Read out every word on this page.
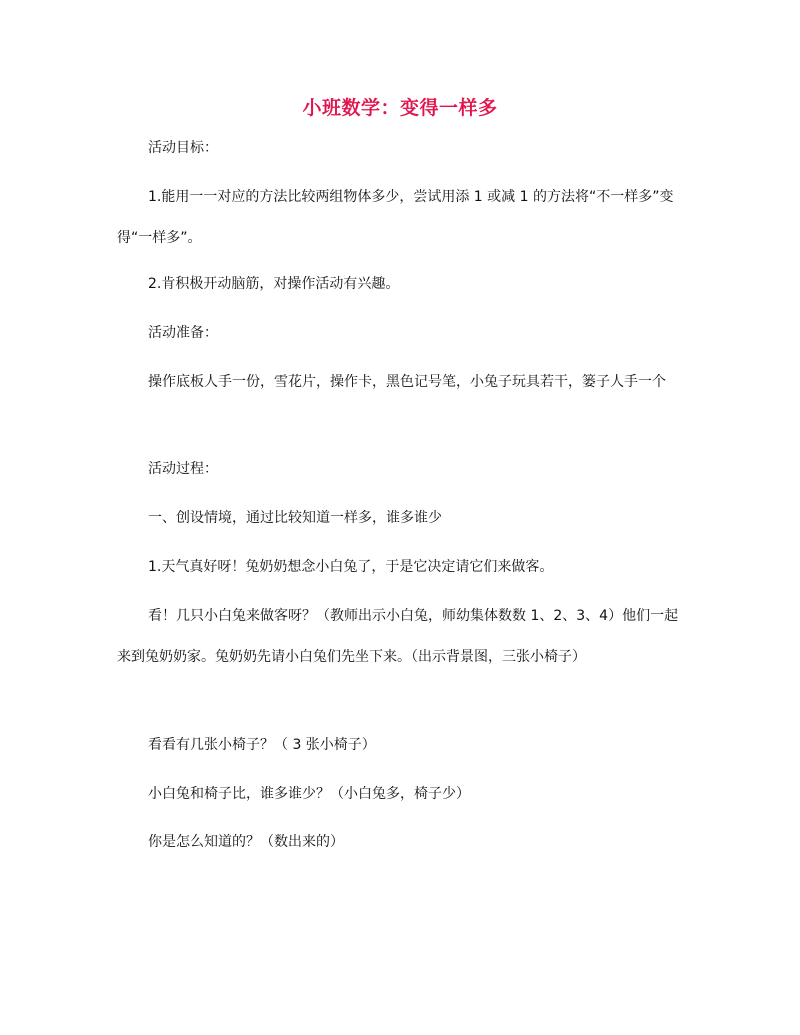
小班数学：变得一样多

活动目标：

1.能用一一对应的方法比较两组物体多少，尝试用添 1 或减 1 的方法将“不一样多”变得“一样多”。

2.肯积极开动脑筋，对操作活动有兴趣。

活动准备：

操作底板人手一份，雪花片，操作卡，黑色记号笔，小兔子玩具若干，篓子人手一个

活动过程：

一、创设情境，通过比较知道一样多，谁多谁少

1.天气真好呀！兔奶奶想念小白兔了，于是它决定请它们来做客。

看！几只小白兔来做客呀？（教师出示小白兔，师幼集体数数 1、2、3、4）他们一起来到兔奶奶家。兔奶奶先请小白兔们先坐下来。（出示背景图，三张小椅子）

看看有几张小椅子？（ 3 张小椅子）

小白兔和椅子比，谁多谁少？（小白兔多，椅子少）

你是怎么知道的？（数出来的）
